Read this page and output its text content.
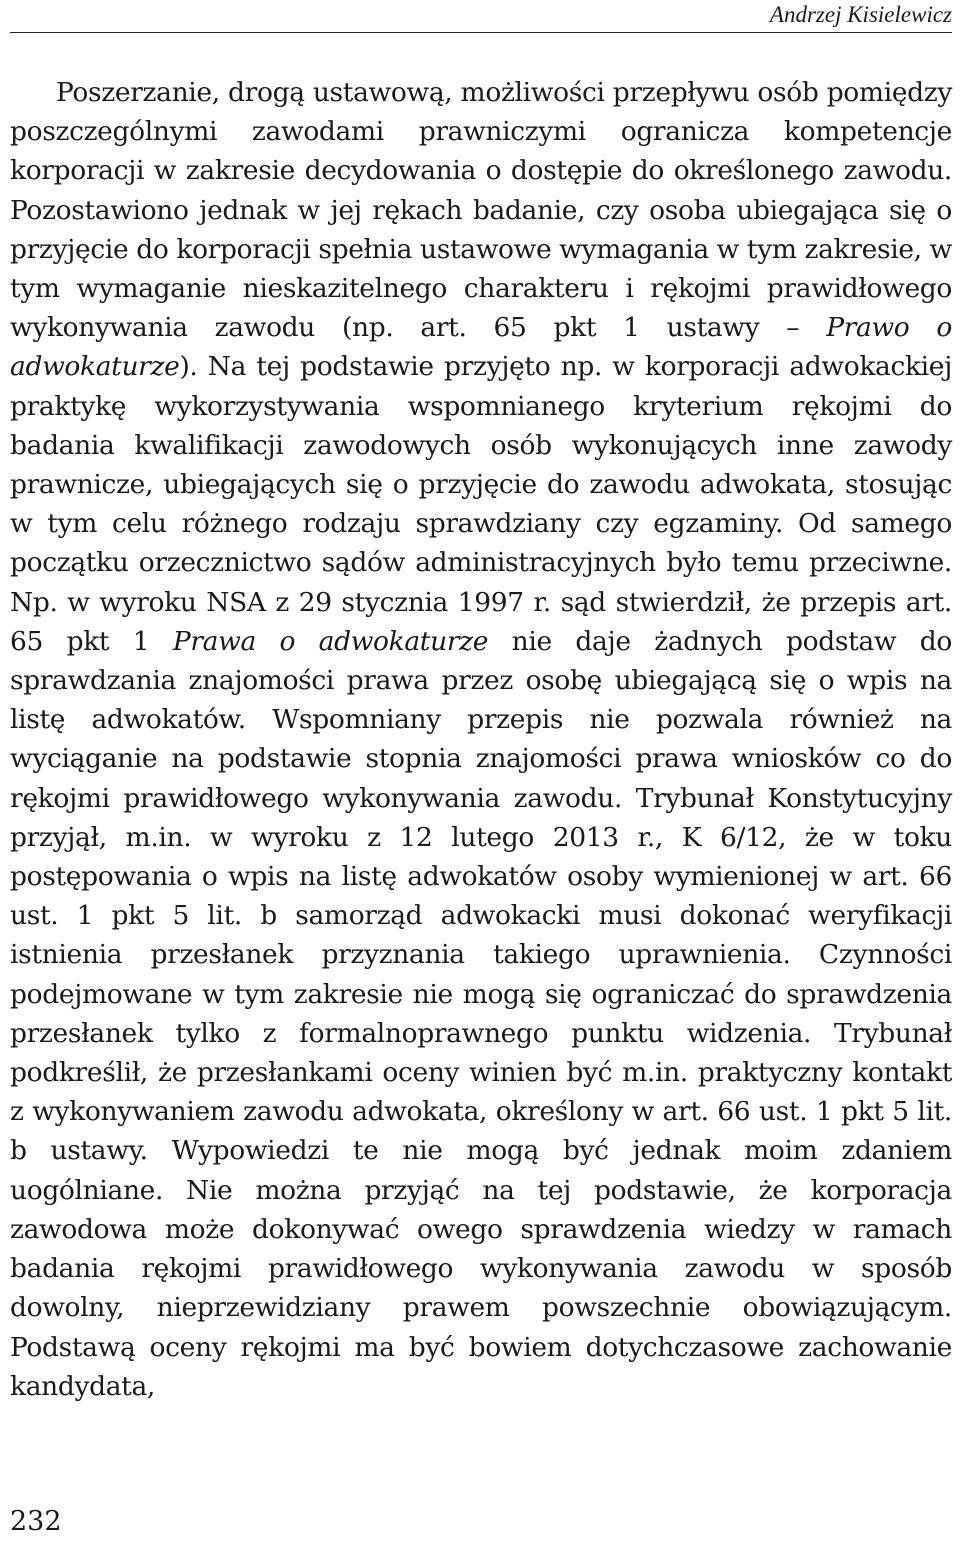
Andrzej Kisielewicz

Poszerzanie, drogą ustawową, możliwości przepływu osób pomiędzy poszczególnymi zawodami prawniczymi ogranicza kompetencje korporacji w zakresie decydowania o dostępie do określonego zawodu. Pozostawiono jednak w jej rękach badanie, czy osoba ubiegająca się o przyjęcie do korporacji spełnia ustawowe wymagania w tym zakresie, w tym wymaganie nieskazitelnego charakteru i rękojmi prawidłowego wykonywania zawodu (np. art. 65 pkt 1 ustawy – Prawo o adwokaturze). Na tej podstawie przyjęto np. w korporacji adwokackiej praktykę wykorzystywania wspomnianego kryterium rękojmi do badania kwalifikacji zawodowych osób wykonujących inne zawody prawnicze, ubiegających się o przyjęcie do zawodu adwokata, stosując w tym celu różnego rodzaju sprawdziany czy egzaminy. Od samego początku orzecznictwo sądów administracyjnych było temu przeciwne. Np. w wyroku NSA z 29 stycznia 1997 r. sąd stwierdził, że przepis art. 65 pkt 1 Prawa o adwokaturze nie daje żadnych podstaw do sprawdzania znajomości prawa przez osobę ubiegającą się o wpis na listę adwokatów. Wspomniany przepis nie pozwala również na wyciąganie na podstawie stopnia znajomości prawa wniosków co do rękojmi prawidłowego wykonywania zawodu. Trybunał Konstytucyjny przyjął, m.in. w wyroku z 12 lutego 2013 r., K 6/12, że w toku postępowania o wpis na listę adwokatów osoby wymienionej w art. 66 ust. 1 pkt 5 lit. b samorząd adwokacki musi dokonać weryfikacji istnienia przesłanek przyznania takiego uprawnienia. Czynności podejmowane w tym zakresie nie mogą się ograniczać do sprawdzenia przesłanek tylko z formalnoprawnego punktu widzenia. Trybunał podkreślił, że przesłankami oceny winien być m.in. praktyczny kontakt z wykonywaniem zawodu adwokata, określony w art. 66 ust. 1 pkt 5 lit. b ustawy. Wypowiedzi te nie mogą być jednak moim zdaniem uogólniane. Nie można przyjąć na tej podstawie, że korporacja zawodowa może dokonywać owego sprawdzenia wiedzy w ramach badania rękojmi prawidłowego wykonywania zawodu w sposób dowolny, nieprzewidziany prawem powszechnie obowiązującym. Podstawą oceny rękojmi ma być bowiem dotychczasowe zachowanie kandydata,

232
